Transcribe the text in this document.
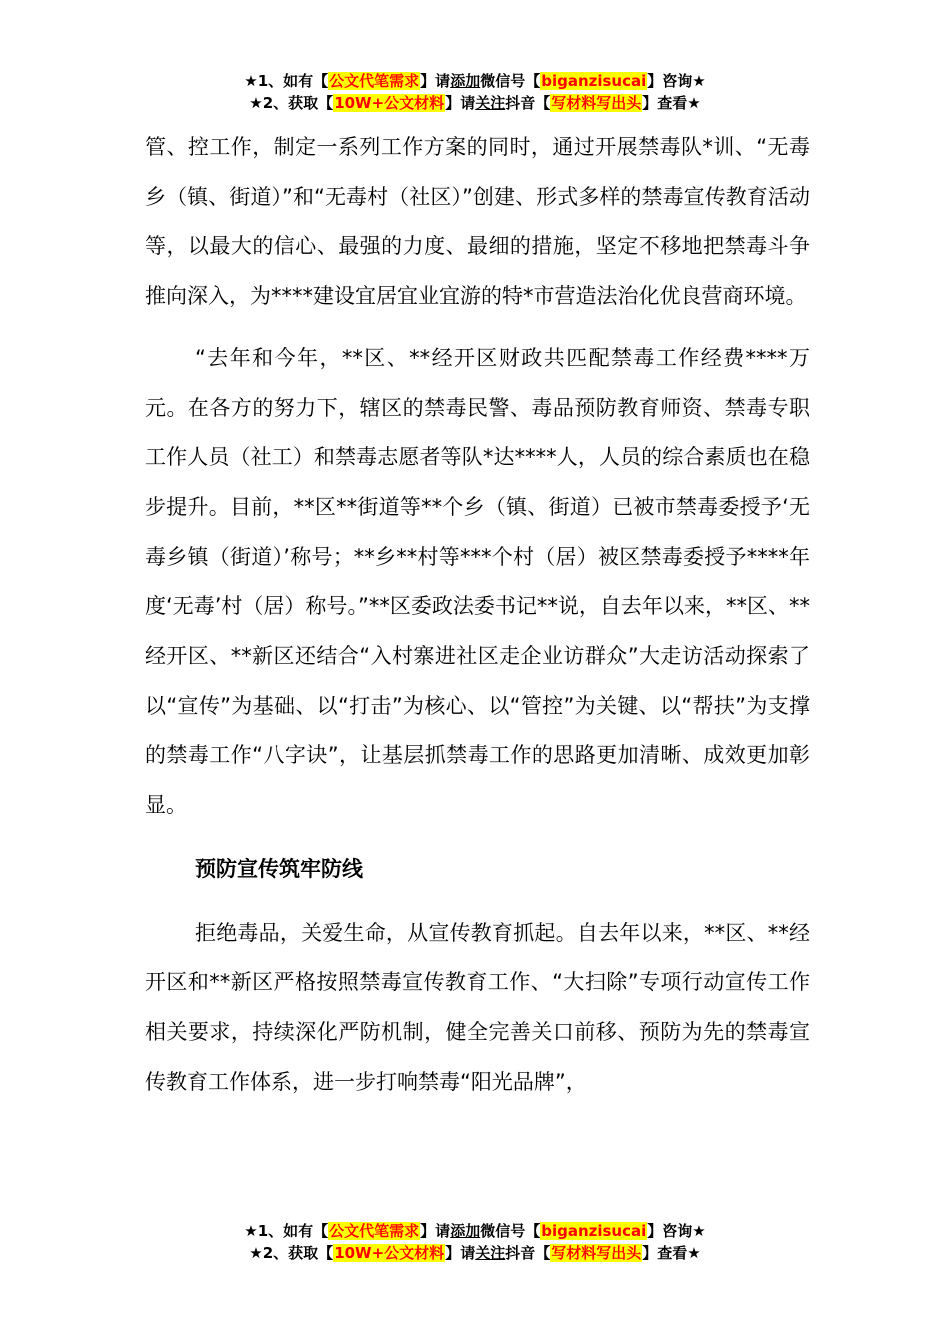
★1、如有【公文代笔需求】请添加微信号【biganzisucai】咨询★
★2、获取【10W+公文材料】请关注抖音【写材料写出头】查看★

管、控工作，制定一系列工作方案的同时，通过开展禁毒队*训、“无毒乡（镇、街道）”和“无毒村（社区）”创建、形式多样的禁毒宣传教育活动等，以最大的信心、最强的力度、最细的措施，坚定不移地把禁毒斗争推向深入，为****建设宜居宜业宜游的特*市营造法治化优良营商环境。

“去年和今年，**区、**经开区财政共匹配禁毒工作经费****万元。在各方的努力下，辖区的禁毒民警、毒品预防教育师资、禁毒专职工作人员（社工）和禁毒志愿者等队*达****人，人员的综合素质也在稳步提升。目前，**区**街道等**个乡（镇、街道）已被市禁毒委授予‘无毒乡镇（街道）’称号；**乡**村等***个村（居）被区禁毒委授予****年度‘无毒’村（居）称号。”**区委政法委书记**说，自去年以来，**区、**经开区、**新区还结合“入村寨进社区走企业访群众”大走访活动探索了以“宣传”为基础、以“打击”为核心、以“管控”为关键、以“帮扶”为支撑的禁毒工作“八字诀”，让基层抓禁毒工作的思路更加清晰、成效更加彰显。

预防宣传筑牢防线

拒绝毒品，关爱生命，从宣传教育抓起。自去年以来，**区、**经开区和**新区严格按照禁毒宣传教育工作、“大扫除”专项行动宣传工作相关要求，持续深化严防机制，健全完善关口前移、预防为先的禁毒宣传教育工作体系，进一步打响禁毒“阳光品牌”，

★1、如有【公文代笔需求】请添加微信号【biganzisucai】咨询★
★2、获取【10W+公文材料】请关注抖音【写材料写出头】查看★
